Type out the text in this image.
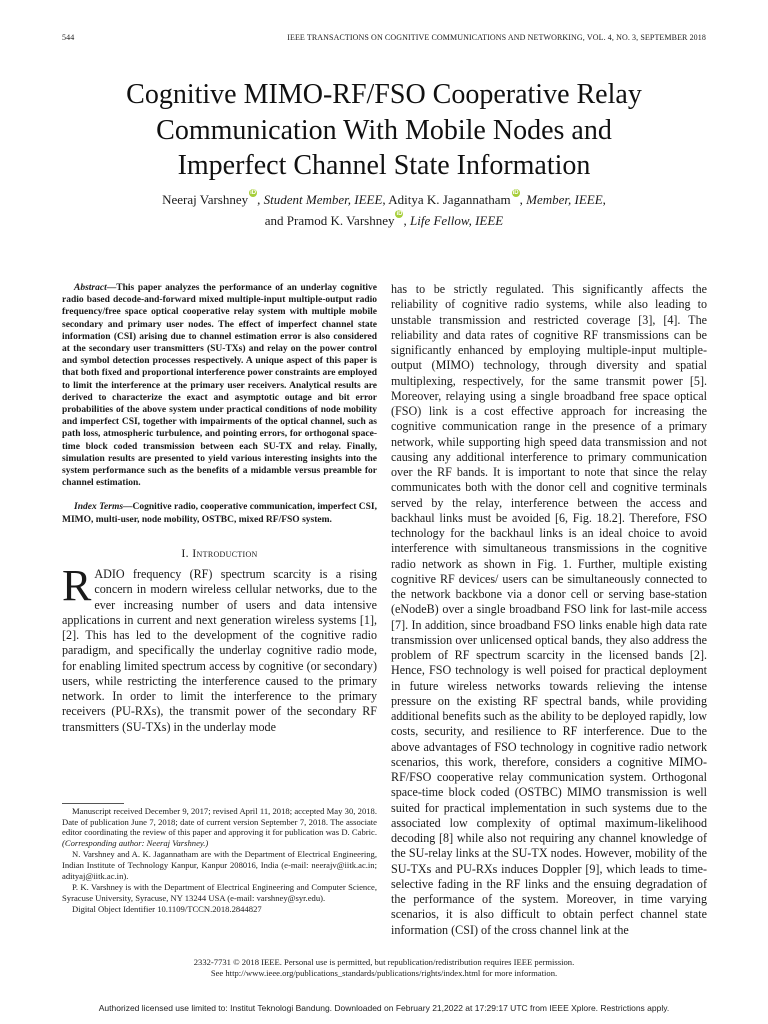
544	IEEE TRANSACTIONS ON COGNITIVE COMMUNICATIONS AND NETWORKING, VOL. 4, NO. 3, SEPTEMBER 2018
Cognitive MIMO-RF/FSO Cooperative Relay
Communication With Mobile Nodes and
Imperfect Channel State Information
Neeraj Varshney iD, Student Member, IEEE, Aditya K. Jagannatham iD, Member, IEEE,
and Pramod K. Varshney iD, Life Fellow, IEEE

Abstract—This paper analyzes the performance of an underlay cognitive radio based decode-and-forward mixed multiple-input multiple-output radio frequency/free space optical cooperative relay system with multiple mobile secondary and primary user nodes. The effect of imperfect channel state information (CSI) arising due to channel estimation error is also considered at the secondary user transmitters (SU-TXs) and relay on the power control and symbol detection processes respectively. A unique aspect of this paper is that both fixed and proportional interference power constraints are employed to limit the interference at the primary user receivers. Analytical results are derived to characterize the exact and asymptotic outage and bit error probabilities of the above system under practical conditions of node mobility and imperfect CSI, together with impairments of the optical channel, such as path loss, atmospheric turbulence, and pointing errors, for orthogonal space-time block coded transmission between each SU-TX and relay. Finally, simulation results are presented to yield various interesting insights into the system performance such as the benefits of a midamble versus preamble for channel estimation.

Index Terms—Cognitive radio, cooperative communication, imperfect CSI, MIMO, multi-user, node mobility, OSTBC, mixed RF/FSO system.

I. Introduction

RADIO frequency (RF) spectrum scarcity is a rising concern in modern wireless cellular networks, due to the ever increasing number of users and data intensive applications in current and next generation wireless systems [1], [2]. This has led to the development of the cognitive radio paradigm, and specifically the underlay cognitive radio mode, for enabling limited spectrum access by cognitive (or secondary) users, while restricting the interference caused to the primary network. In order to limit the interference to the primary receivers (PU-RXs), the transmit power of the secondary RF transmitters (SU-TXs) in the underlay mode

Manuscript received December 9, 2017; revised April 11, 2018; accepted May 30, 2018. Date of publication June 7, 2018; date of current version September 7, 2018. The associate editor coordinating the review of this paper and approving it for publication was D. Cabric. (Corresponding author: Neeraj Varshney.)

N. Varshney and A. K. Jagannatham are with the Department of Electrical Engineering, Indian Institute of Technology Kanpur, Kanpur 208016, India (e-mail: neerajv@iitk.ac.in; adityaj@iitk.ac.in).

P. K. Varshney is with the Department of Electrical Engineering and Computer Science, Syracuse University, Syracuse, NY 13244 USA (e-mail: varshney@syr.edu).

Digital Object Identifier 10.1109/TCCN.2018.2844827

has to be strictly regulated. This significantly affects the reliability of cognitive radio systems, while also leading to unstable transmission and restricted coverage [3], [4]. The reliability and data rates of cognitive RF transmissions can be significantly enhanced by employing multiple-input multiple-output (MIMO) technology, through diversity and spatial multiplexing, respectively, for the same transmit power [5]. Moreover, relaying using a single broadband free space optical (FSO) link is a cost effective approach for increasing the cognitive communication range in the presence of a primary network, while supporting high speed data transmission and not causing any additional interference to primary communication over the RF bands. It is important to note that since the relay communicates both with the donor cell and cognitive terminals served by the relay, interference between the access and backhaul links must be avoided [6, Fig. 18.2]. Therefore, FSO technology for the backhaul links is an ideal choice to avoid interference with simultaneous transmissions in the cognitive radio network as shown in Fig. 1. Further, multiple existing cognitive RF devices/ users can be simultaneously connected to the network backbone via a donor cell or serving base-station (eNodeB) over a single broadband FSO link for last-mile access [7]. In addition, since broadband FSO links enable high data rate transmission over unlicensed optical bands, they also address the problem of RF spectrum scarcity in the licensed bands [2]. Hence, FSO technology is well poised for practical deployment in future wireless networks towards relieving the intense pressure on the existing RF spectral bands, while providing additional benefits such as the ability to be deployed rapidly, low costs, security, and resilience to RF interference. Due to the above advantages of FSO technology in cognitive radio network scenarios, this work, therefore, considers a cognitive MIMO-RF/FSO cooperative relay communication system. Orthogonal space-time block coded (OSTBC) MIMO transmission is well suited for practical implementation in such systems due to the associated low complexity of optimal maximum-likelihood decoding [8] while also not requiring any channel knowledge of the SU-relay links at the SU-TX nodes. However, mobility of the SU-TXs and PU-RXs induces Doppler [9], which leads to time-selective fading in the RF links and the ensuing degradation of the performance of the system. Moreover, in time varying scenarios, it is also difficult to obtain perfect channel state information (CSI) of the cross channel link at the

2332-7731 © 2018 IEEE. Personal use is permitted, but republication/redistribution requires IEEE permission.
See http://www.ieee.org/publications_standards/publications/rights/index.html for more information.
Authorized licensed use limited to: Institut Teknologi Bandung. Downloaded on February 21,2022 at 17:29:17 UTC from IEEE Xplore. Restrictions apply.
